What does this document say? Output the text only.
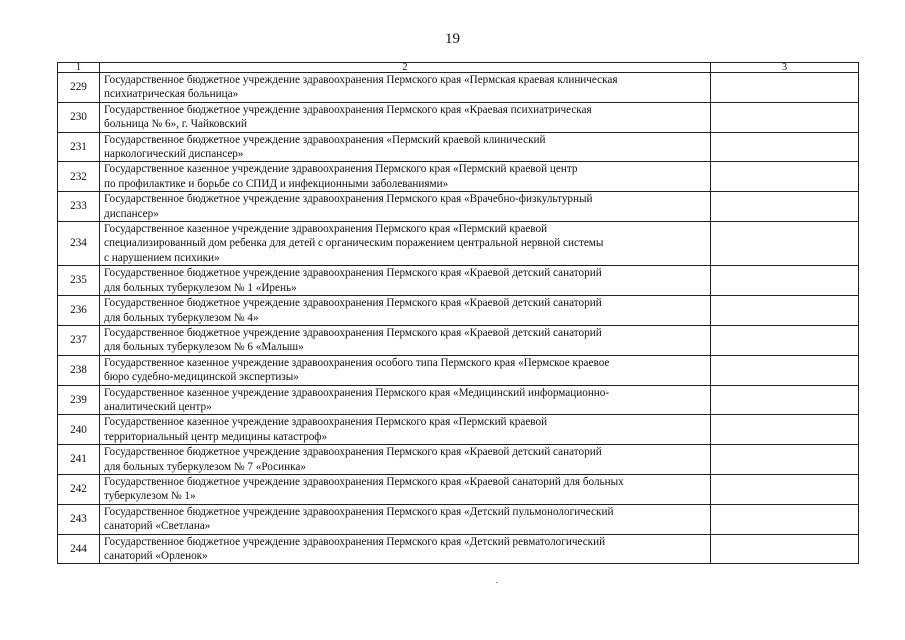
19
1	2	3
229	Государственное бюджетное учреждение здравоохранения Пермского края «Пермская краевая клиническая
психиатрическая больница»	

230	Государственное бюджетное учреждение здравоохранения Пермского края «Краевая психиатрическая
больница № 6», г. Чайковский	

231	Государственное бюджетное учреждение здравоохранения «Пермский краевой клинический
наркологический диспансер»	

232	Государственное казенное учреждение здравоохранения Пермского края «Пермский краевой центр
по профилактике и борьбе со СПИД и инфекционными заболеваниями»	

233	Государственное бюджетное учреждение здравоохранения Пермского края «Врачебно-физкультурный
диспансер»	

234	Государственное казенное учреждение здравоохранения Пермского края «Пермский краевой
специализированный дом ребенка для детей с органическим поражением центральной нервной системы
с нарушением психики»	

235	Государственное бюджетное учреждение здравоохранения Пермского края «Краевой детский санаторий
для больных туберкулезом № 1 «Ирень»	

236	Государственное бюджетное учреждение здравоохранения Пермского края «Краевой детский санаторий
для больных туберкулезом № 4»	

237	Государственное бюджетное учреждение здравоохранения Пермского края «Краевой детский санаторий
для больных туберкулезом № 6 «Малыш»	

238	Государственное казенное учреждение здравоохранения особого типа Пермского края «Пермское краевое
бюро судебно-медицинской экспертизы»	

239	Государственное казенное учреждение здравоохранения Пермского края «Медицинский информационно-
аналитический центр»	

240	Государственное казенное учреждение здравоохранения Пермского края «Пермский краевой
территориальный центр медицины катастроф»	

241	Государственное бюджетное учреждение здравоохранения Пермского края «Краевой детский санаторий
для больных туберкулезом № 7 «Росинка»	

242	Государственное бюджетное учреждение здравоохранения Пермского края «Краевой санаторий для больных
туберкулезом № 1»	

243	Государственное бюджетное учреждение здравоохранения Пермского края «Детский пульмонологический
санаторий «Светлана»	

244	Государственное бюджетное учреждение здравоохранения Пермского края «Детский ревматологический
санаторий «Орленок»	
